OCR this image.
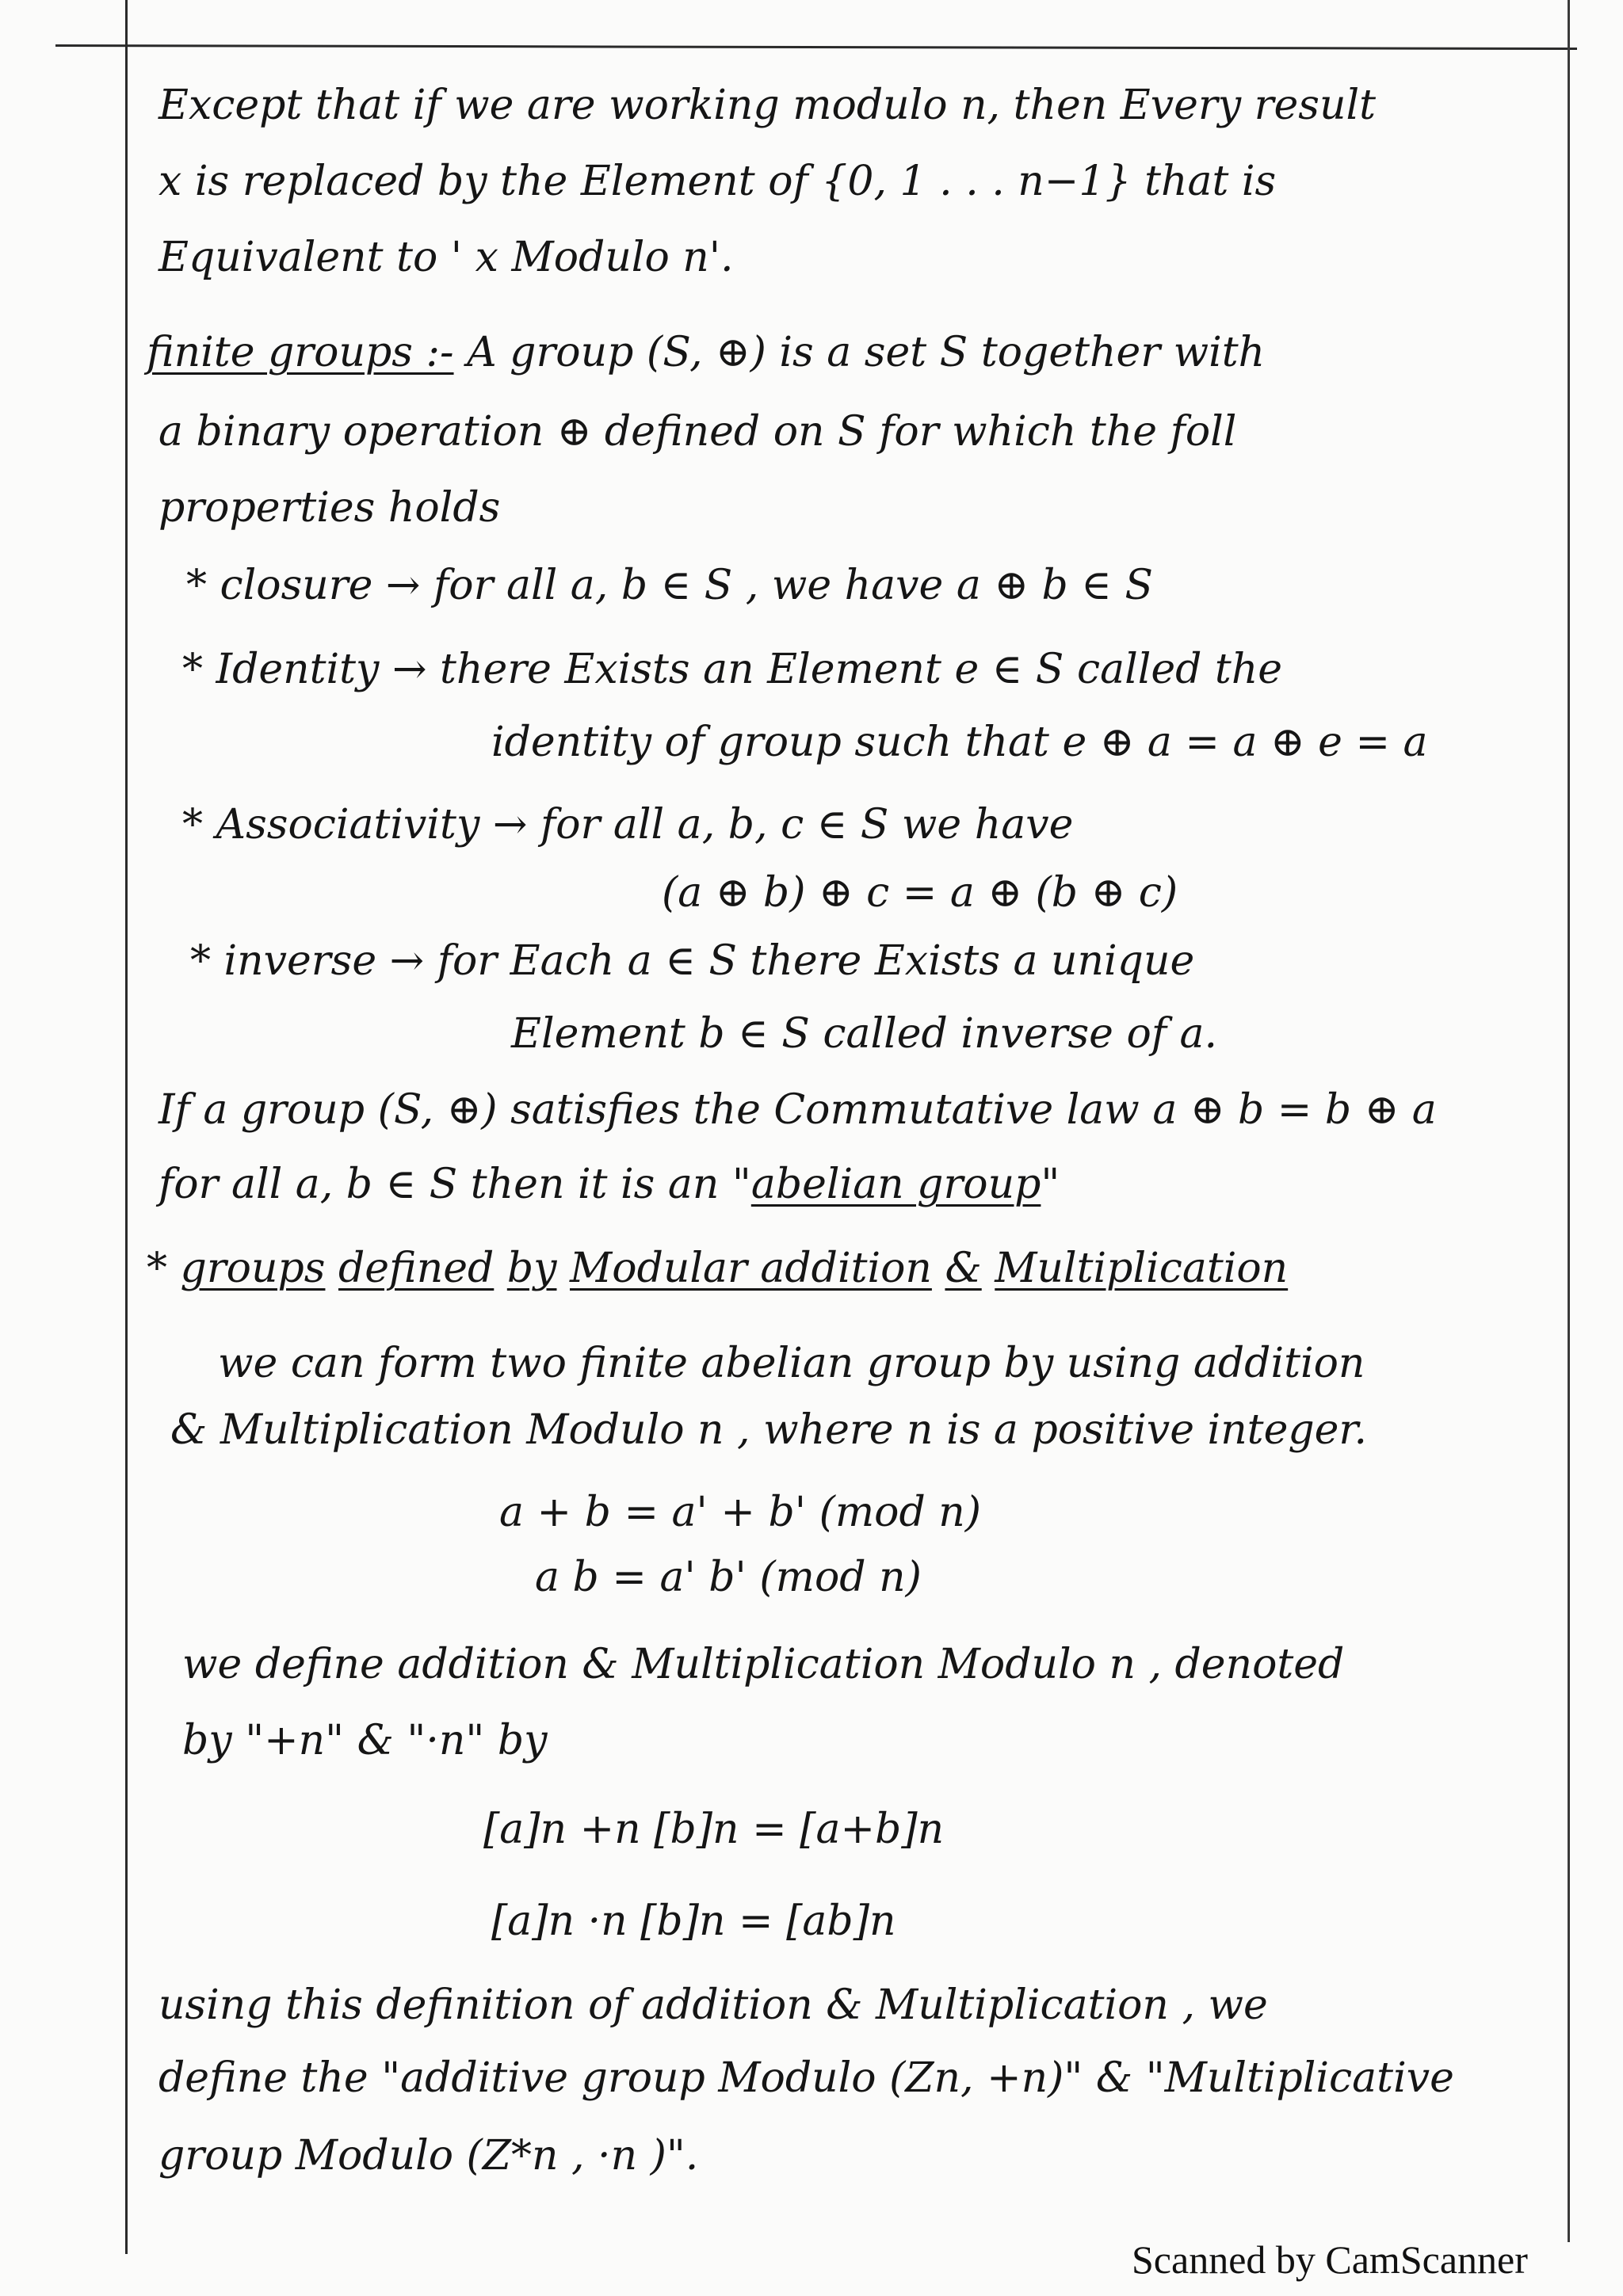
Except that if we are working modulo n, then Every result

x is replaced by the Element of {0, 1 . . . n−1} that is

Equivalent to ' x Modulo n'.

finite groups :- A group (S, ⊕) is a set S together with

a binary operation ⊕ defined on S for which the foll

properties holds

* closure → for all a, b ∈ S , we have a ⊕ b ∈ S

* Identity → there Exists an Element e ∈ S called the

identity of group such that e ⊕ a = a ⊕ e = a

* Associativity → for all a, b, c ∈ S we have

(a ⊕ b) ⊕ c = a ⊕ (b ⊕ c)

* inverse → for Each a ∈ S there Exists a unique

Element b ∈ S called inverse of a.

If a group (S, ⊕) satisfies the Commutative law a ⊕ b = b ⊕ a

for all a, b ∈ S then it is an "abelian group"

* groups defined by Modular addition & Multiplication

we can form two finite abelian group by using addition

& Multiplication Modulo n , where n is a positive integer.

a + b = a' + b' (mod n)

a b = a' b' (mod n)

we define addition & Multiplication Modulo n , denoted

by "+n" & "·n" by

[a]n +n [b]n = [a+b]n

[a]n ·n [b]n = [ab]n

using this definition of addition & Multiplication , we

define the "additive group Modulo (Zn, +n)" & "Multiplicative

group Modulo (Z*n , ·n )".

Scanned by CamScanner
